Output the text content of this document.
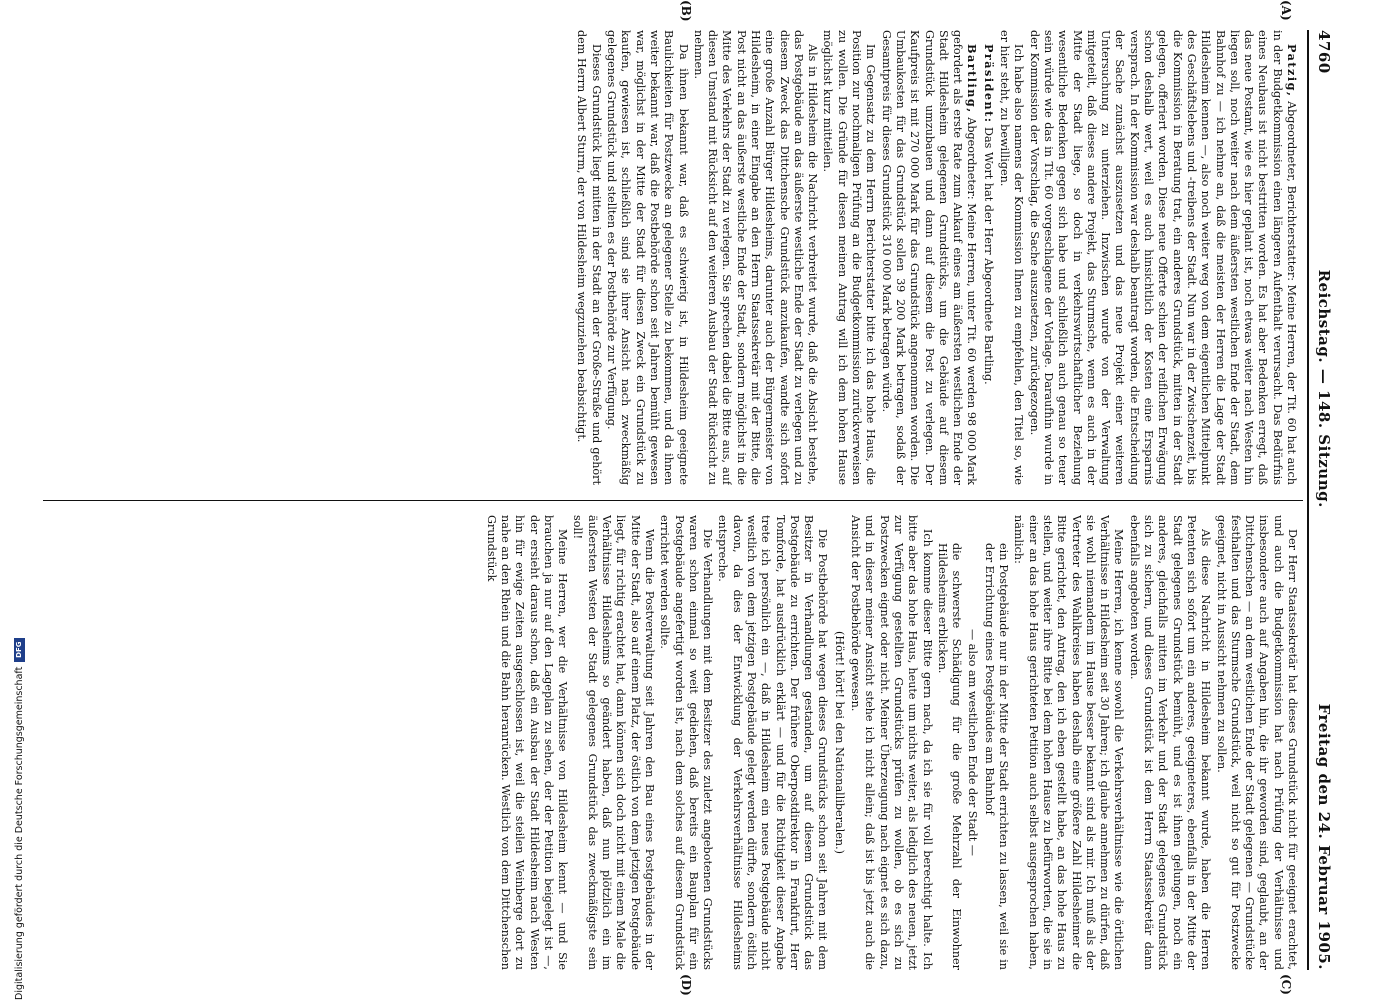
4760
Reichstag. — 148. Sitzung.
Freitag den 24. Februar 1905.
(A)
(B)
(C)
(D)

Patzig, Abgeordneter, Berichterstatter: Meine Herren, der Tit. 60 hat auch in der Budgetkommission einen längeren Aufenthalt verursacht. Das Bedürfnis eines Neubaus ist nicht bestritten worden. Es hat aber Bedenken erregt, daß das neue Postamt, wie es hier geplant ist, noch etwas weiter nach Westen hin liegen soll, noch weiter nach dem äußersten westlichen Ende der Stadt, dem Bahnhof zu — ich nehme an, daß die meisten der Herren die Lage der Stadt Hildesheim kennen —, also noch weiter weg von dem eigentlichen Mittelpunkt des Geschäftslebens und -treibens der Stadt. Nun war in der Zwischenzeit, bis die Kommission in Beratung trat, ein anderes Grundstück, mitten in der Stadt gelegen, offeriert worden. Diese neue Offerte schien der reiflichen Erwägung schon deshalb wert, weil es auch hinsichtlich der Kosten eine Ersparnis versprach. In der Kommission war deshalb beantragt worden, die Entscheidung der Sache zunächst auszusetzen und das neue Projekt einer weiteren Untersuchung zu unterziehen. Inzwischen wurde von der Verwaltung mitgeteilt, daß dieses andere Projekt, das Sturmsche, wenn es auch in der Mitte der Stadt liege, so doch in verkehrswirtschaftlicher Beziehung wesentliche Bedenken gegen sich habe und schließlich auch genau so teuer sein würde wie das in Tit. 60 vorgeschlagene der Vorlage. Daraufhin wurde in der Kommission der Vorschlag, die Sache auszusetzen, zurückgezogen.

Ich habe also namens der Kommission Ihnen zu empfehlen, den Titel so, wie er hier steht, zu bewilligen.

Präsident: Das Wort hat der Herr Abgeordnete Bartling.

Bartling, Abgeordneter: Meine Herren, unter Tit. 60 werden 98 000 Mark gefordert als erste Rate zum Ankauf eines am äußersten westlichen Ende der Stadt Hildesheim gelegenen Grundstücks, um die Gebäude auf diesem Grundstück umzubauen und dann auf diesem die Post zu verlegen. Der Kaufpreis ist mit 270 000 Mark für das Grundstück angenommen worden. Die Umbaukosten für das Grundstück sollen 39 200 Mark betragen, sodaß der Gesamtpreis für dieses Grundstück 310 000 Mark betragen würde.

Im Gegensatz zu dem Herrn Berichterstatter bitte ich das hohe Haus, die Position zur nochmaligen Prüfung an die Budgetkommission zurückverweisen zu wollen. Die Gründe für diesen meinen Antrag will ich dem hohen Hause möglichst kurz mitteilen.

Als in Hildesheim die Nachricht verbreitet wurde, daß die Absicht bestehe, das Postgebäude an das äußerste westliche Ende der Stadt zu verlegen und zu diesem Zweck das Dittchensche Grundstück anzukaufen, wandte sich sofort eine große Anzahl Bürger Hildesheims, darunter auch der Bürgermeister von Hildesheim, in einer Eingabe an den Herrn Staatssekretär mit der Bitte, die Post nicht an das äußerste westliche Ende der Stadt, sondern möglichst in die Mitte des Verkehrs der Stadt zu verlegen. Sie sprechen dabei die Bitte aus, auf diesen Umstand mit Rücksicht auf den weiteren Ausbau der Stadt Rücksicht zu nehmen.

Da ihnen bekannt war, daß es schwierig ist, in Hildesheim geeignete Baulichkeiten für Postzwecke an gelegener Stelle zu bekommen, und da ihnen weiter bekannt war, daß die Postbehörde schon seit Jahren bemüht gewesen war, möglichst in der Mitte der Stadt für diesen Zweck ein Grundstück zu kaufen, gewiesen ist, schließlich sind sie ihrer Ansicht nach zweckmäßig gelegenes Grundstück und stellten es der Postbehörde zur Verfügung.

Dieses Grundstück liegt mitten in der Stadt an der Große-Straße und gehört dem Herrn Albert Sturm, der von Hildesheim wegzuziehen beabsichtigt.

Der Herr Staatssekretär hat dieses Grundstück nicht für geeignet erachtet, und auch die Budgetkommission hat nach Prüfung der Verhältnisse und insbesondere auch auf Angaben hin, die ihr geworden sind, geglaubt, an der Dittchenschen — an dem westlichen Ende der Stadt gelegenen — Grundstücke festhalten und das Sturmsche Grundstück, weil nicht so gut für Postzwecke geeignet, nicht in Aussicht nehmen zu sollen.

Als diese Nachricht in Hildesheim bekannt wurde, haben die Herren Petenten sich sofort um ein anderes, geeigneteres, ebenfalls in der Mitte der Stadt gelegenes Grundstück bemüht, und es ist ihnen gelungen, noch ein anderes, gleichfalls mitten im Verkehr und der Stadt gelegenes Grundstück sich zu sichern, und dieses Grundstück ist dem Herrn Staatssekretär dann ebenfalls angeboten worden.

Meine Herren, ich kenne sowohl die Verkehrsverhältnisse wie die örtlichen Verhältnisse in Hildesheim seit 30 Jahren; ich glaube annehmen zu dürfen, daß sie wohl niemandem im Hause besser bekannt sind als mir. Ich muß als der Vertreter des Wahlkreises haben deshalb eine größere Zahl Hildesheimer die Bitte gerichtet, den Antrag, den ich eben gestellt habe, an das hohe Haus zu stellen, und weiter ihre Bitte bei dem hohen Hause zu befürworten, die sie in einer an das hohe Haus gerichteten Petition auch selbst ausgesprochen haben, nämlich:

ein Postgebäude nur in der Mitte der Stadt errichten zu lassen, weil sie in der Errichtung eines Postgebäudes am Bahnhof

— also am westlichen Ende der Stadt —

die schwerste Schädigung für die große Mehrzahl der Einwohner Hildesheims erblicken.

Ich komme dieser Bitte gern nach, da ich sie für voll berechtigt halte. Ich bitte aber das hohe Haus, heute um nichts weiter, als lediglich des neuen, jetzt zur Verfügung gestellten Grundstücks prüfen zu wollen, ob es sich zu Postzwecken eignet oder nicht. Meiner Überzeugung nach eignet es sich dazu, und in dieser meiner Ansicht stehe ich nicht allein; daß ist bis jetzt auch die Ansicht der Postbehörde gewesen.

(Hört! hört! bei den Nationalliberalen.)

Die Postbehörde hat wegen dieses Grundstücks schon seit Jahren mit dem Besitzer in Verhandlungen gestanden, um auf diesem Grundstück das Postgebäude zu errichten. Der frühere Oberpostdirektor in Frankfurt, Herr Tomforde, hat ausdrücklich erklärt — und für die Richtigkeit dieser Angabe trete ich persönlich ein —, daß in Hildesheim ein neues Postgebäude nicht westlich von dem jetzigen Postgebäude gelegt werden dürfte, sondern östlich davon, da dies der Entwicklung der Verkehrsverhältnisse Hildesheims entspreche.

Die Verhandlungen mit dem Besitzer des zuletzt angebotenen Grundstücks waren schon einmal so weit gediehen, daß bereits ein Bauplan für ein Postgebäude angefertigt worden ist, nach dem solches auf diesem Grundstück errichtet werden sollte.

Wenn die Postverwaltung seit Jahren den Bau eines Postgebäudes in der Mitte der Stadt, also auf einem Platz, der östlich von dem jetzigen Postgebäude liegt, für richtig erachtet hat, dann können sich doch nicht mit einem Male die Verhältnisse Hildesheims so geändert haben, daß nun plötzlich ein im äußersten Westen der Stadt gelegenes Grundstück das zweckmäßigste sein soll!

Meine Herren, wer die Verhältnisse von Hildesheim kennt — und Sie brauchen ja nur auf den Lageplan zu sehen, der der Petition beigelegt ist —, der ersieht daraus schon, daß ein Ausbau der Stadt Hildesheim nach Westen hin für ewige Zeiten ausgeschlossen ist, weil die steilen Weinberge dort zu nahe an den Rhein und die Bahn heranrücken. Westlich von dem Dittchenschen Grundstück

Digitalisierung gefördert durch die Deutsche Forschungsgemeinschaft
DFG
